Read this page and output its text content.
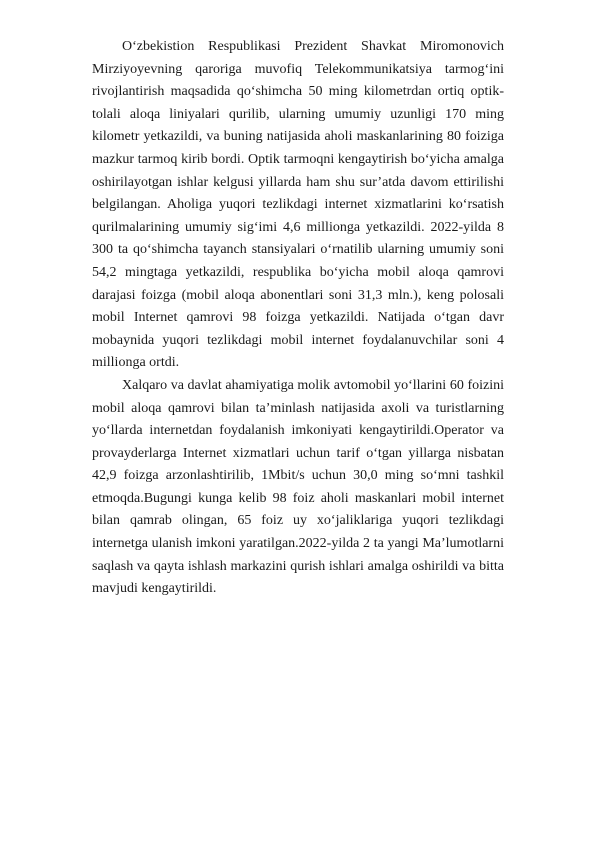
O‘zbekistion Respublikasi Prezident Shavkat Miromonovich Mirziyoyevning qaroriga muvofiq Telekommunikatsiya tarmog‘ini rivojlantirish maqsadida qo‘shimcha 50 ming kilometrdan ortiq optik-tolali aloqa liniyalari qurilib, ularning umumiy uzunligi 170 ming kilometr yetkazildi, va buning natijasida aholi maskanlarining 80 foiziga mazkur tarmoq kirib bordi. Optik tarmoqni kengaytirish bo‘yicha amalga oshirilayotgan ishlar kelgusi yillarda ham shu sur’atda davom ettirilishi belgilangan. Aholiga yuqori tezlikdagi internet xizmatlarini ko‘rsatish qurilmalarining umumiy sig‘imi 4,6 millionga yetkazildi. 2022-yilda 8 300 ta qo‘shimcha tayanch stansiyalari o‘rnatilib ularning umumiy soni 54,2 mingtaga yetkazildi, respublika bo‘yicha mobil aloqa qamrovi darajasi foizga (mobil aloqa abonentlari soni 31,3 mln.), keng polosali mobil Internet qamrovi 98 foizga yetkazildi. Natijada o‘tgan davr mobaynida yuqori tezlikdagi mobil internet foydalanuvchilar soni 4 millionga ortdi.

Xalqaro va davlat ahamiyatiga molik avtomobil yo‘llarini 60 foizini mobil aloqa qamrovi bilan ta’minlash natijasida axoli va turistlarning yo‘llarda internetdan foydalanish imkoniyati kengaytirildi.Operator va provayderlarga Internet xizmatlari uchun tarif o‘tgan yillarga nisbatan 42,9 foizga arzonlashtirilib, 1Mbit/s uchun 30,0 ming so‘mni tashkil etmoqda.Bugungi kunga kelib 98 foiz aholi maskanlari mobil internet bilan qamrab olingan, 65 foiz uy xo‘jaliklariga yuqori tezlikdagi internetga ulanish imkoni yaratilgan.2022-yilda 2 ta yangi Ma’lumotlarni saqlash va qayta ishlash markazini qurish ishlari amalga oshirildi va bitta mavjudi kengaytirildi.
